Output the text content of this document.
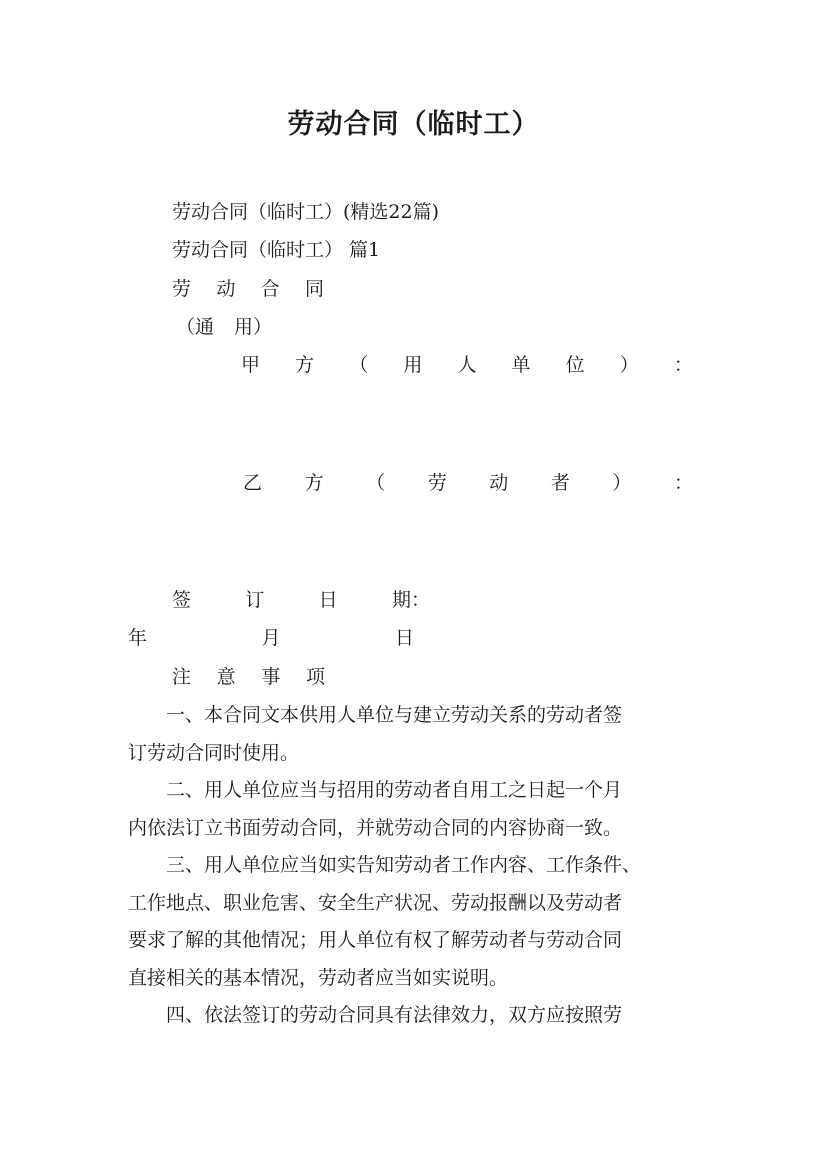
劳动合同（临时工）
劳动合同（临时工）(精选22篇)
劳动合同（临时工） 篇1
劳 动 合 同
（通 用）
甲 方 （ 用 人 单 位 ） ：
乙 方 （ 劳 动 者 ） ：
签	订	日	期：
年	月	日
注 意 事 项
　　一、本合同文本供用人单位与建立劳动关系的劳动者签
订劳动合同时使用。
　　二、用人单位应当与招用的劳动者自用工之日起一个月
内依法订立书面劳动合同，并就劳动合同的内容协商一致。
　　三、用人单位应当如实告知劳动者工作内容、工作条件、
工作地点、职业危害、安全生产状况、劳动报酬以及劳动者
要求了解的其他情况；用人单位有权了解劳动者与劳动合同
直接相关的基本情况，劳动者应当如实说明。
　　四、依法签订的劳动合同具有法律效力，双方应按照劳
